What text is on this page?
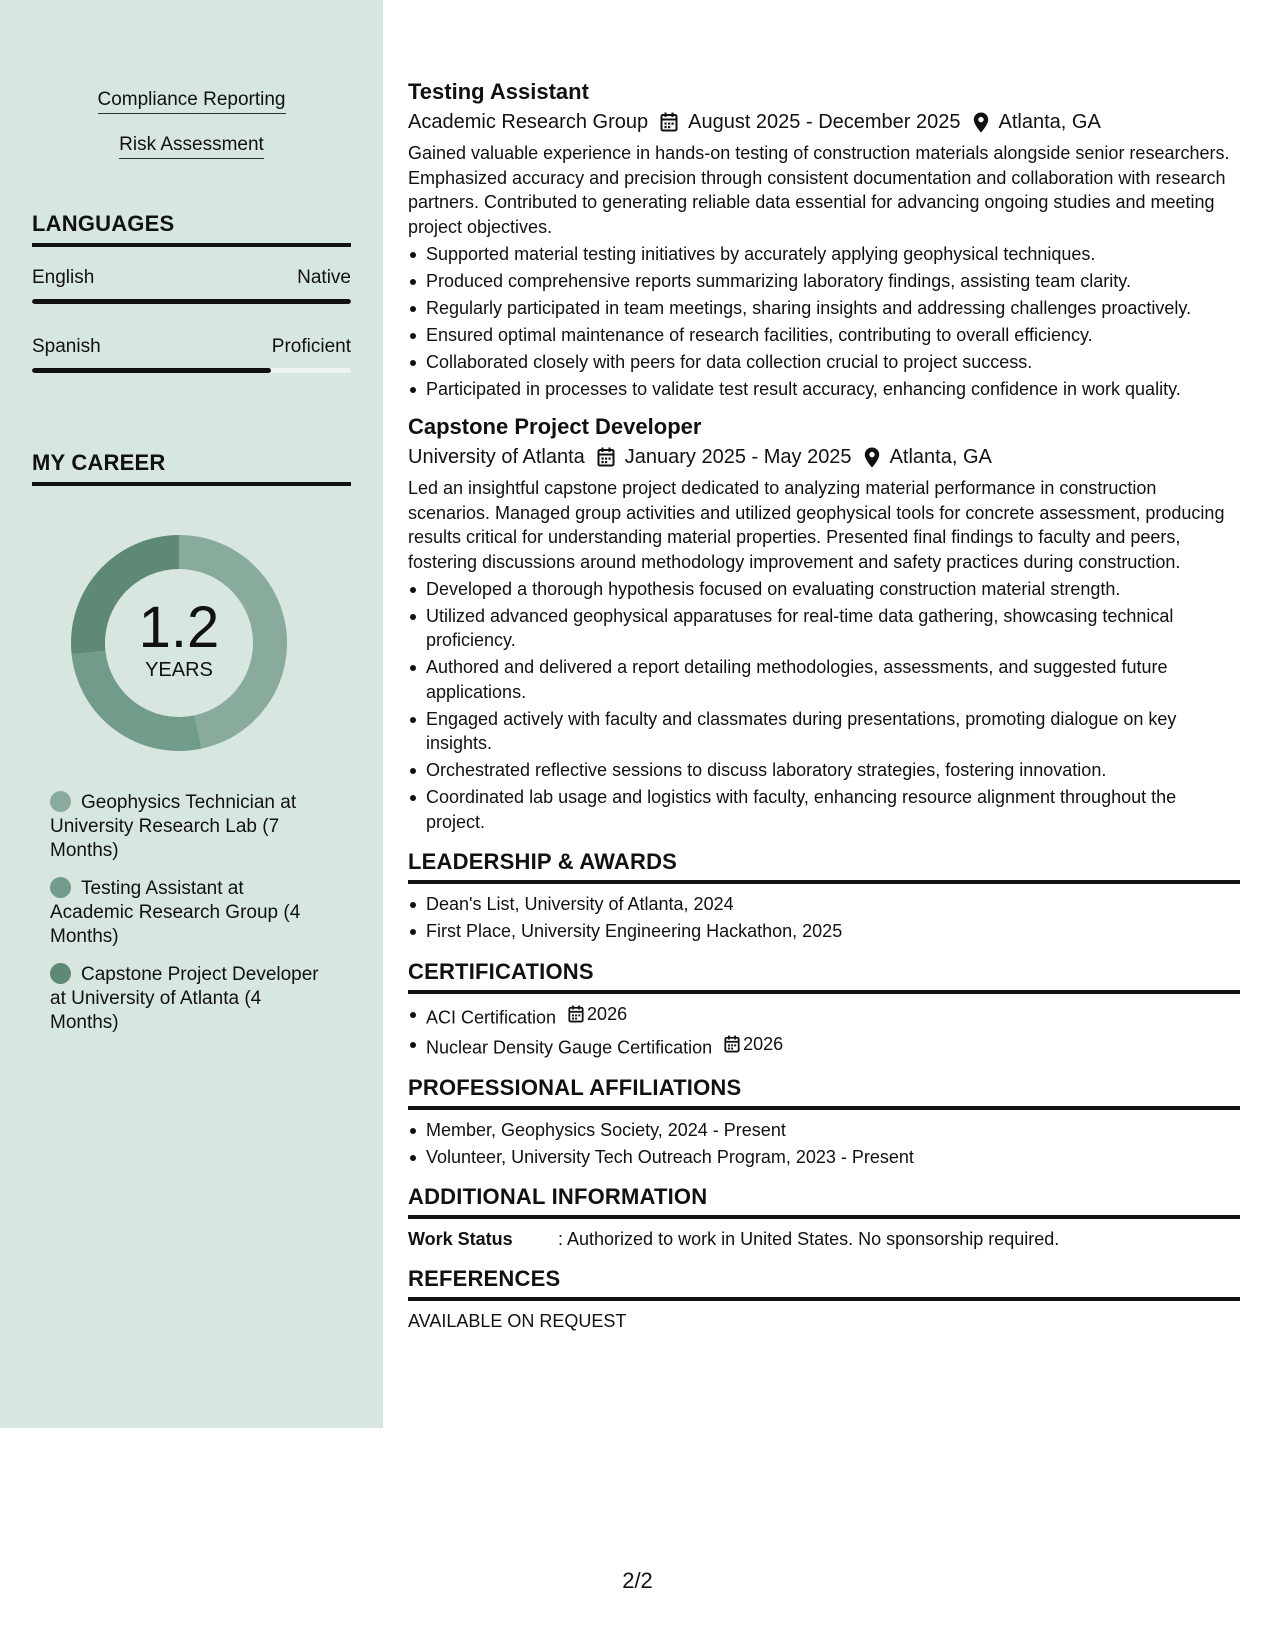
Compliance Reporting
Risk Assessment
LANGUAGES
English	Native
Spanish	Proficient
MY CAREER
1.2
YEARS
Geophysics Technician at University Research Lab (7 Months)
Testing Assistant at Academic Research Group (4 Months)
Capstone Project Developer at University of Atlanta (4 Months)
Testing Assistant
Academic Research Group August 2025 - December 2025 Atlanta, GA
Gained valuable experience in hands-on testing of construction materials alongside senior researchers. Emphasized accuracy and precision through consistent documentation and collaboration with research partners. Contributed to generating reliable data essential for advancing ongoing studies and meeting project objectives.
Supported material testing initiatives by accurately applying geophysical techniques.
Produced comprehensive reports summarizing laboratory findings, assisting team clarity.
Regularly participated in team meetings, sharing insights and addressing challenges proactively.
Ensured optimal maintenance of research facilities, contributing to overall efficiency.
Collaborated closely with peers for data collection crucial to project success.
Participated in processes to validate test result accuracy, enhancing confidence in work quality.
Capstone Project Developer
University of Atlanta January 2025 - May 2025 Atlanta, GA
Led an insightful capstone project dedicated to analyzing material performance in construction scenarios. Managed group activities and utilized geophysical tools for concrete assessment, producing results critical for understanding material properties. Presented final findings to faculty and peers, fostering discussions around methodology improvement and safety practices during construction.
Developed a thorough hypothesis focused on evaluating construction material strength.
Utilized advanced geophysical apparatuses for real-time data gathering, showcasing technical proficiency.
Authored and delivered a report detailing methodologies, assessments, and suggested future applications.
Engaged actively with faculty and classmates during presentations, promoting dialogue on key insights.
Orchestrated reflective sessions to discuss laboratory strategies, fostering innovation.
Coordinated lab usage and logistics with faculty, enhancing resource alignment throughout the project.
LEADERSHIP & AWARDS
Dean's List, University of Atlanta, 2024
First Place, University Engineering Hackathon, 2025
CERTIFICATIONS
ACI Certification 2026
Nuclear Density Gauge Certification 2026
PROFESSIONAL AFFILIATIONS
Member, Geophysics Society, 2024 - Present
Volunteer, University Tech Outreach Program, 2023 - Present
ADDITIONAL INFORMATION
Work Status	: Authorized to work in United States. No sponsorship required.
REFERENCES
AVAILABLE ON REQUEST
2/2
